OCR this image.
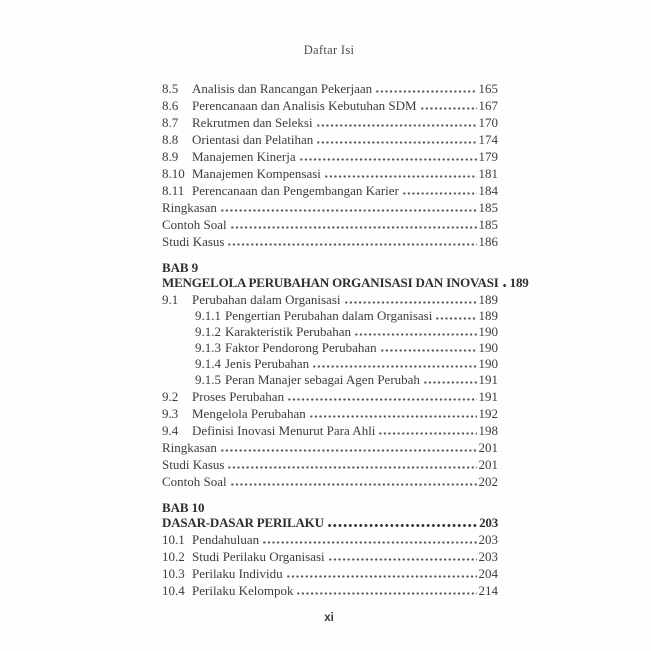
Daftar Isi
8.5	Analisis dan Rancangan Pekerjaan	165
8.6	Perencanaan dan Analisis Kebutuhan SDM	167
8.7	Rekrutmen dan Seleksi	170
8.8	Orientasi dan Pelatihan	174
8.9	Manajemen Kinerja	179
8.10 Manajemen Kompensasi	181
8.11 Perencanaan dan Pengembangan Karier	184
Ringkasan	185
Contoh Soal	185
Studi Kasus	186
BAB 9
MENGELOLA PERUBAHAN ORGANISASI DAN INOVASI 189
9.1	Perubahan dalam Organisasi	189
9.1.1 Pengertian Perubahan dalam Organisasi	189
9.1.2 Karakteristik Perubahan	190
9.1.3 Faktor Pendorong Perubahan	190
9.1.4 Jenis Perubahan	190
9.1.5 Peran Manajer sebagai Agen Perubah	191
9.2	Proses Perubahan	191
9.3	Mengelola Perubahan	192
9.4	Definisi Inovasi Menurut Para Ahli	198
Ringkasan	201
Studi Kasus	201
Contoh Soal	202
BAB 10
DASAR-DASAR PERILAKU	203
10.1 Pendahuluan	203
10.2 Studi Perilaku Organisasi	203
10.3 Perilaku Individu	204
10.4 Perilaku Kelompok	214
xi
